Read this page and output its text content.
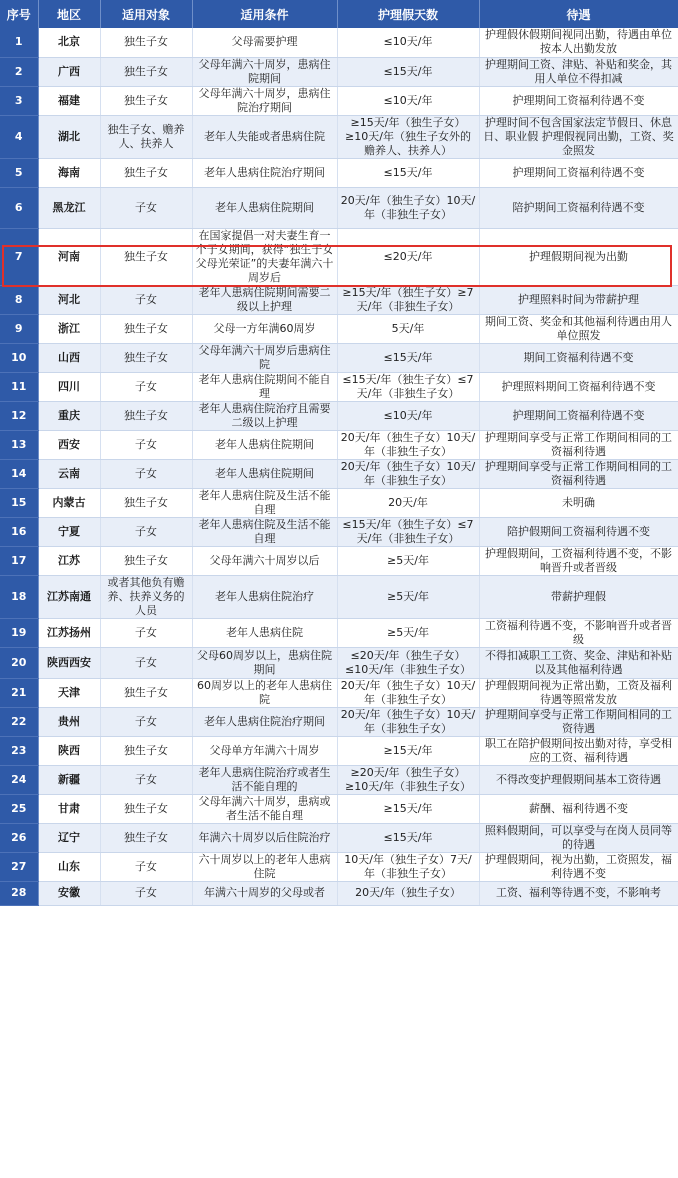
序号	地区	适用对象	适用条件	护理假天数	待遇
1	北京	独生子女	父母需要护理	≤10天/年	护理假休假期间视同出勤，待遇由单位按本人出勤发放
2	广西	独生子女	父母年满六十周岁，患病住院期间	≤15天/年	护理期间工资、津贴、补贴和奖金，其用人单位不得扣减
3	福建	独生子女	父母年满六十周岁，患病住院治疗期间	≤10天/年	护理期间工资福利待遇不变
4	湖北	独生子女、赡养人、扶养人	老年人失能或者患病住院	≥15天/年（独生子女）≥10天/年（独生子女外的赡养人、扶养人）	护理时间不包含国家法定节假日、休息日、职业假 护理假视同出勤，工资、奖金照发
5	海南	独生子女	老年人患病住院治疗期间	≤15天/年	护理期间工资福利待遇不变
6	黑龙江	子女	老年人患病住院期间	20天/年（独生子女）10天/年（非独生子女）	陪护期间工资福利待遇不变
7	河南	独生子女	在国家提倡一对夫妻生育一个子女期间，获得“独生子女父母光荣证”的夫妻年满六十周岁后	≤20天/年	护理假期间视为出勤
8	河北	子女	老年人患病住院期间需要二级以上护理	≥15天/年（独生子女）≥7天/年（非独生子女）	护理照料时间为带薪护理
9	浙江	独生子女	父母一方年满60周岁	5天/年	期间工资、奖金和其他福利待遇由用人单位照发
10	山西	独生子女	父母年满六十周岁后患病住院	≤15天/年	期间工资福利待遇不变
11	四川	子女	老年人患病住院期间不能自理	≤15天/年（独生子女）≤7天/年（非独生子女）	护理照料期间工资福利待遇不变
12	重庆	独生子女	老年人患病住院治疗且需要二级以上护理	≤10天/年	护理期间工资福利待遇不变
13	西安	子女	老年人患病住院期间	20天/年（独生子女）10天/年（非独生子女）	护理期间享受与正常工作期间相同的工资福利待遇
14	云南	子女	老年人患病住院期间	20天/年（独生子女）10天/年（非独生子女）	护理期间享受与正常工作期间相同的工资福利待遇
15	内蒙古	独生子女	老年人患病住院及生活不能自理	20天/年	未明确
16	宁夏	子女	老年人患病住院及生活不能自理	≤15天/年（独生子女）≤7天/年（非独生子女）	陪护假期间工资福利待遇不变
17	江苏	独生子女	父母年满六十周岁以后	≥5天/年	护理假期间，工资福利待遇不变，不影响晋升或者晋级
18	江苏南通	或者其他负有赡养、扶养义务的人员	老年人患病住院治疗	≥5天/年	带薪护理假
19	江苏扬州	子女	老年人患病住院	≥5天/年	工资福利待遇不变，不影响晋升或者晋级
20	陕西西安	子女	父母60周岁以上，患病住院期间	≤20天/年（独生子女）≤10天/年（非独生子女）	不得扣减职工工资、奖金、津贴和补贴以及其他福利待遇
21	天津	独生子女	60周岁以上的老年人患病住院	20天/年（独生子女）10天/年（非独生子女）	护理假期间视为正常出勤，工资及福利待遇等照常发放
22	贵州	子女	老年人患病住院治疗期间	20天/年（独生子女）10天/年（非独生子女）	护理期间享受与正常工作期间相同的工资待遇
23	陕西	独生子女	父母单方年满六十周岁	≥15天/年	职工在陪护假期间按出勤对待，享受相应的工资、福利待遇
24	新疆	子女	老年人患病住院治疗或者生活不能自理的	≥20天/年（独生子女）≥10天/年（非独生子女）	不得改变护理假期间基本工资待遇
25	甘肃	独生子女	父母年满六十周岁，患病或者生活不能自理	≥15天/年	薪酬、福利待遇不变
26	辽宁	独生子女	年满六十周岁以后住院治疗	≤15天/年	照料假期间，可以享受与在岗人员同等的待遇
27	山东	子女	六十周岁以上的老年人患病住院	10天/年（独生子女）7天/年（非独生子女）	护理假期间，视为出勤，工资照发，福利待遇不变
28	安徽	子女	年满六十周岁的父母或者	20天/年（独生子女）	工资、福利等待遇不变，不影响考
